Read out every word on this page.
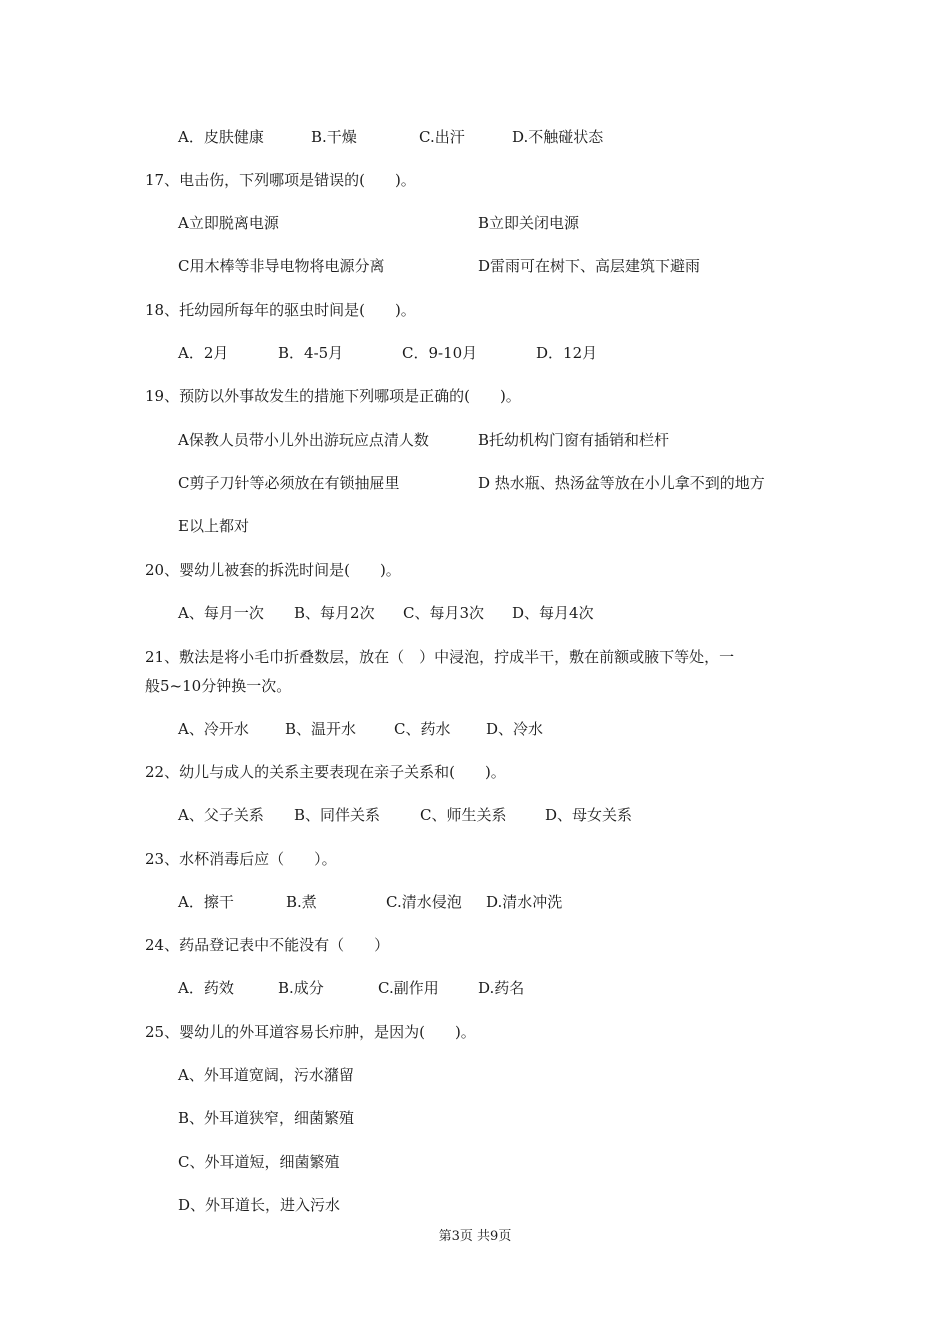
A．皮肤健康	B.干燥	C.出汗	D.不触碰状态
17、电击伤，下列哪项是错误的(　　)。
A立即脱离电源	B立即关闭电源
C用木棒等非导电物将电源分离	D雷雨可在树下、高层建筑下避雨
18、托幼园所每年的驱虫时间是(　　)。
A．2月	B．4-5月	C．9-10月	D．12月
19、预防以外事故发生的措施下列哪项是正确的(　　)。
A保教人员带小儿外出游玩应点清人数	B托幼机构门窗有插销和栏杆
C剪子刀针等必须放在有锁抽屉里	D 热水瓶、热汤盆等放在小儿拿不到的地方
E以上都对
20、婴幼儿被套的拆洗时间是(　　)。
A、每月一次 B、每月2次 C、每月3次 D、每月4次
21、敷法是将小毛巾折叠数层，放在（　）中浸泡，拧成半干，敷在前额或腋下等处，一
般5~10分钟换一次。
A、冷开水 B、温开水	C、药水 D、冷水
22、幼儿与成人的关系主要表现在亲子关系和(　　)。
A、父子关系 B、同伴关系	C、师生关系	D、母女关系
23、水杯消毒后应（　　）。
A．擦干	B.煮	C.清水侵泡 D.清水冲洗
24、药品登记表中不能没有（　　）
A．药效	B.成分	C.副作用	D.药名
25、婴幼儿的外耳道容易长疖肿，是因为(　　)。
A、外耳道宽阔，污水潴留
B、外耳道狭窄，细菌繁殖
C、外耳道短，细菌繁殖
D、外耳道长，进入污水
第3页 共9页
